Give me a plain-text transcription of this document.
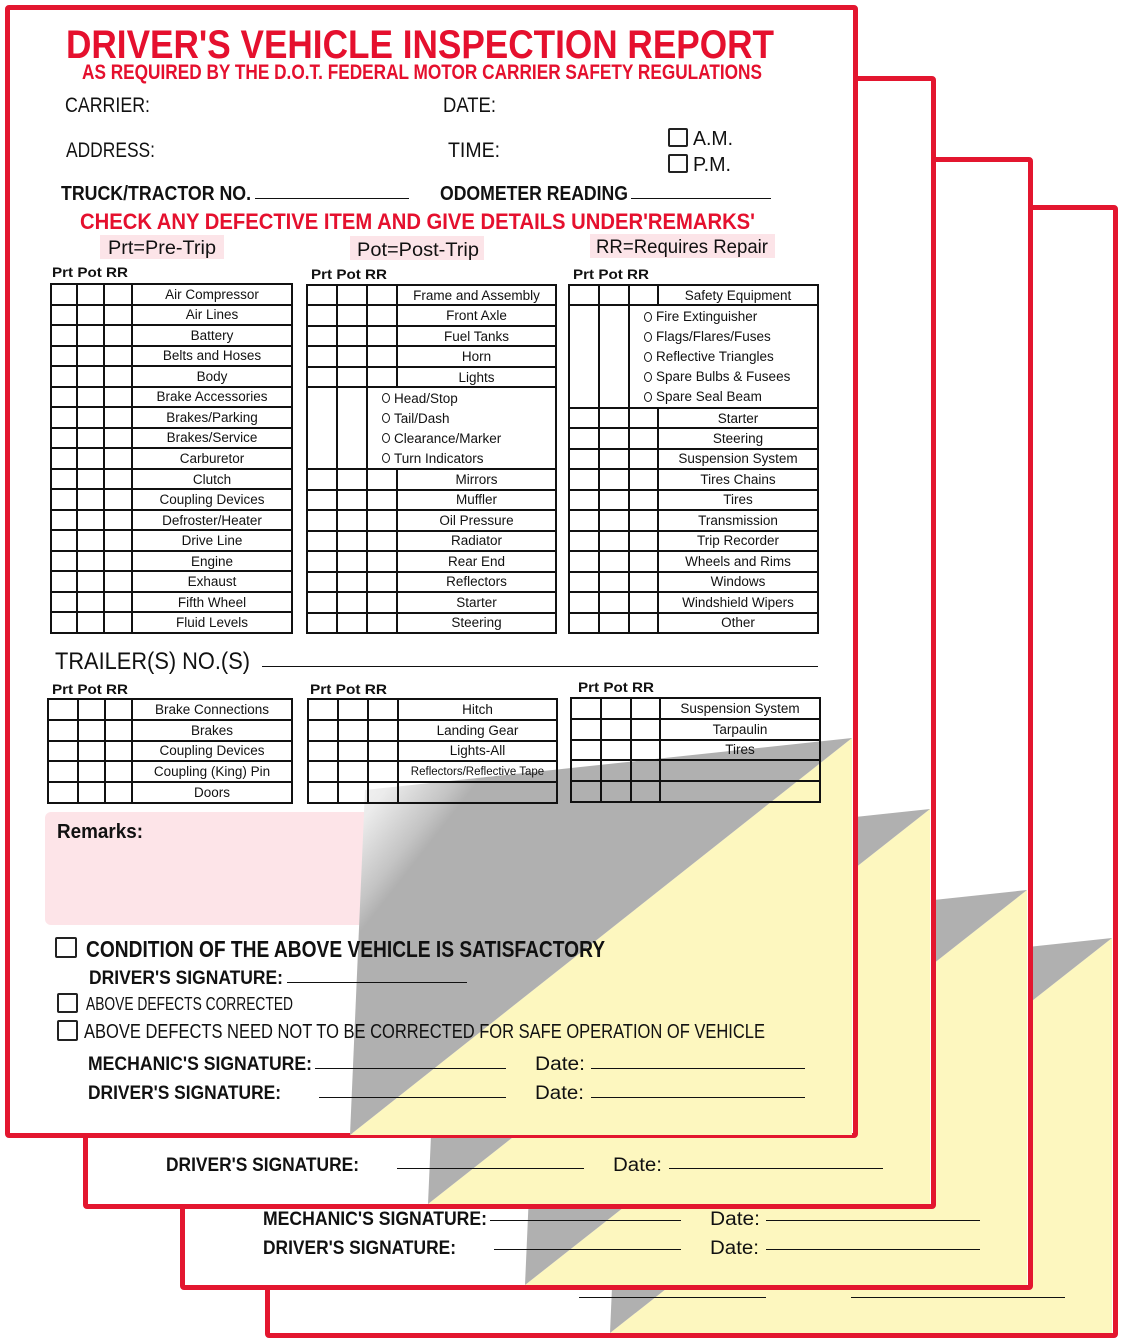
MECHANIC'S SIGNATURE:	Date:
DRIVER'S SIGNATURE:	Date:
DRIVER'S SIGNATURE:	Date:
DRIVER'S VEHICLE INSPECTION REPORT
AS REQUIRED BY THE D.O.T. FEDERAL MOTOR CARRIER SAFETY REGULATIONS
CARRIER:	DATE:
ADDRESS:	TIME:	A.M.
P.M.
TRUCK/TRACTOR NO.	ODOMETER READING
CHECK ANY DEFECTIVE ITEM AND GIVE DETAILS UNDER'REMARKS'
Prt=Pre-Trip	Pot=Post-Trip	RR=Requires Repair
Prt Pot RR	Prt Pot RR	Prt Pot RR
Air Compressor
Air Lines
Battery
Belts and Hoses
Body
Brake Accessories
Brakes/Parking
Brakes/Service
Carburetor
Clutch
Coupling Devices
Defroster/Heater
Drive Line
Engine
Exhaust
Fifth Wheel
Fluid Levels
Frame and Assembly
Front Axle
Fuel Tanks
Horn
Lights
Head/Stop
Tail/Dash
Clearance/Marker
Turn Indicators
Mirrors
Muffler
Oil Pressure
Radiator
Rear End
Reflectors
Starter
Steering
Safety Equipment
Fire Extinguisher
Flags/Flares/Fuses
Reflective Triangles
Spare Bulbs & Fusees
Spare Seal Beam
Starter
Steering
Suspension System
Tires Chains
Tires
Transmission
Trip Recorder
Wheels and Rims
Windows
Windshield Wipers
Other
TRAILER(S) NO.(S)
Prt Pot RR	Prt Pot RR	Prt Pot RR
Brake Connections
Brakes
Coupling Devices
Coupling (King) Pin
Doors
Hitch
Landing Gear
Lights-All
Reflectors/Reflective Tape
Suspension System
Tarpaulin
Tires
Remarks:
CONDITION OF THE ABOVE VEHICLE IS SATISFACTORY
DRIVER'S SIGNATURE:
ABOVE DEFECTS CORRECTED
ABOVE DEFECTS NEED NOT TO BE CORRECTED FOR SAFE OPERATION OF VEHICLE
MECHANIC'S SIGNATURE:	Date:
DRIVER'S SIGNATURE:	Date:
